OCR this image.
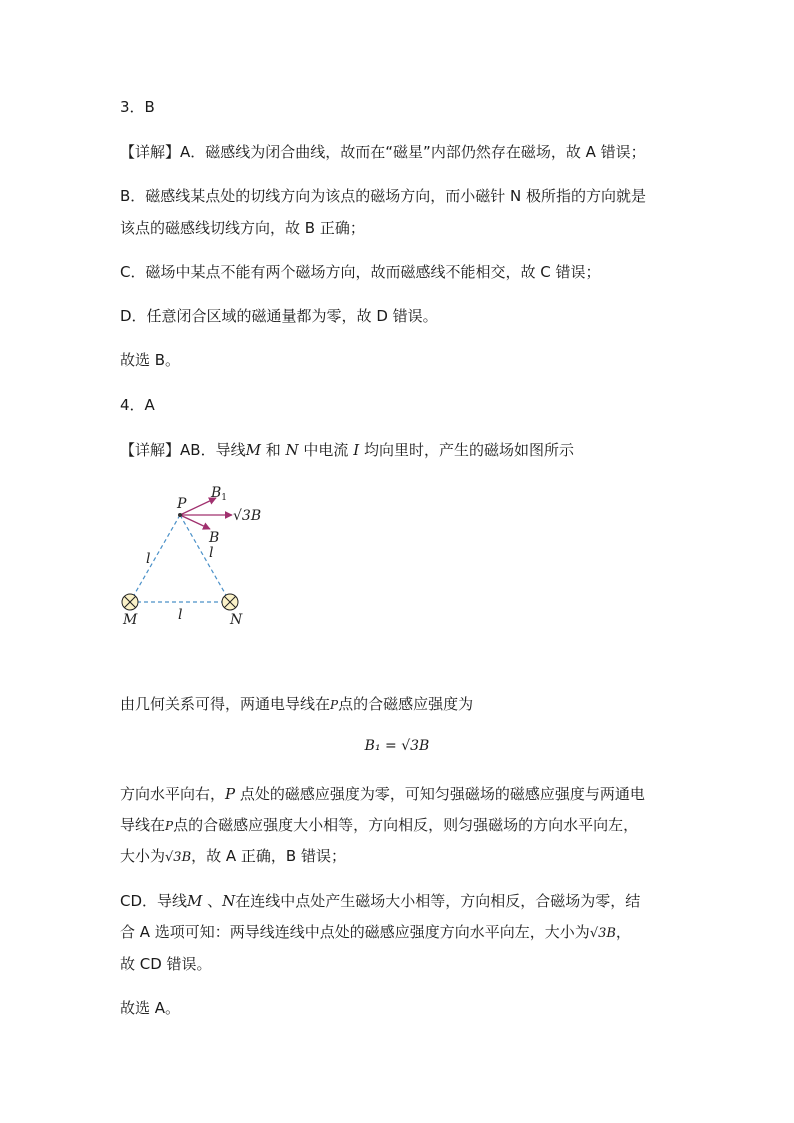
3．B
【详解】A．磁感线为闭合曲线，故而在“磁星”内部仍然存在磁场，故 A 错误；
B．磁感线某点处的切线方向为该点的磁场方向，而小磁针 N 极所指的方向就是
该点的磁感线切线方向，故 B 正确；
C．磁场中某点不能有两个磁场方向，故而磁感线不能相交，故 C 错误；
D．任意闭合区域的磁通量都为零，故 D 错误。
故选 B。
4．A
【详解】AB．导线M 和 N 中电流 I 均向里时，产生的磁场如图所示
P
$B_1$
√3B
B
l	l
l
M	N
由几何关系可得，两通电导线在P点的合磁感应强度为
B₁ = √3B
方向水平向右，P 点处的磁感应强度为零，可知匀强磁场的磁感应强度与两通电
导线在P点的合磁感应强度大小相等，方向相反，则匀强磁场的方向水平向左，
大小为√3B，故 A 正确，B 错误；
CD．导线M 、N在连线中点处产生磁场大小相等，方向相反，合磁场为零，结
合 A 选项可知：两导线连线中点处的磁感应强度方向水平向左，大小为√3B，
故 CD 错误。
故选 A。
